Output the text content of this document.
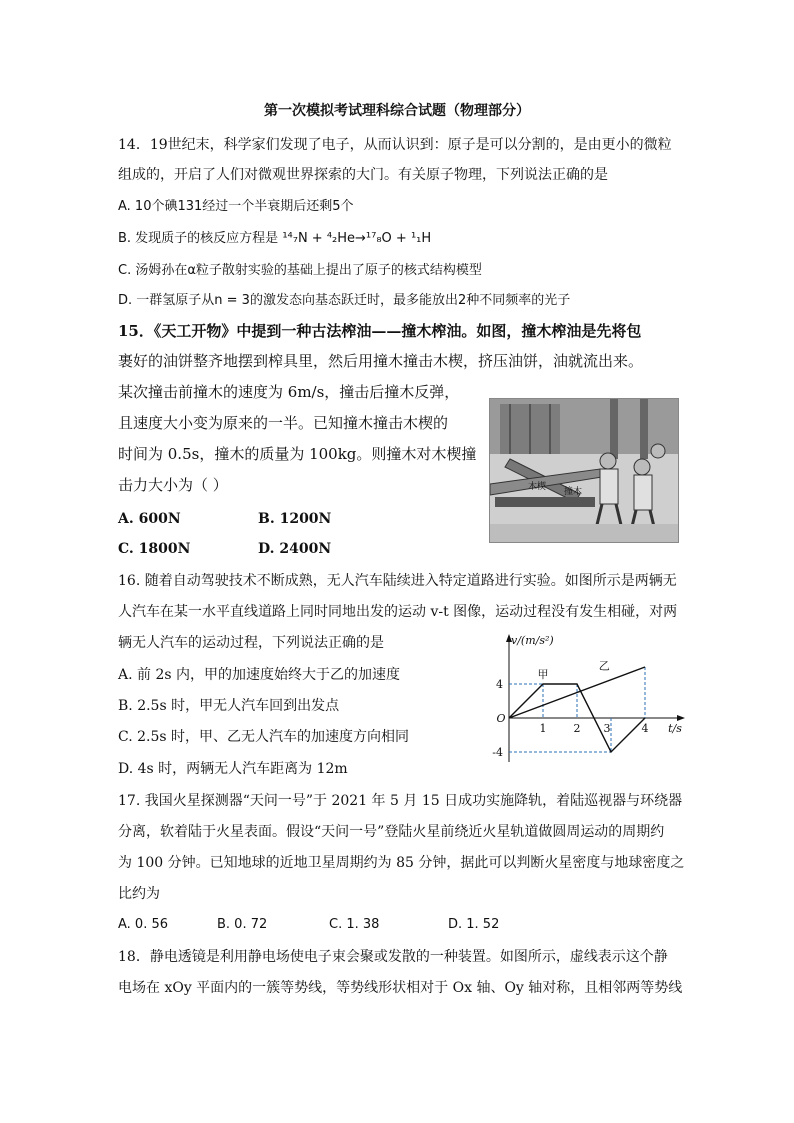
第一次模拟考试理科综合试题（物理部分）
14．19世纪末，科学家们发现了电子，从而认识到：原子是可以分割的，是由更小的微粒
组成的，开启了人们对微观世界探索的大门。有关原子物理，下列说法正确的是
A. 10个碘131经过一个半衰期后还剩5个
B. 发现质子的核反应方程是 ¹⁴₇N + ⁴₂He→¹⁷₈O + ¹₁H
C. 汤姆孙在α粒子散射实验的基础上提出了原子的核式结构模型
D. 一群氢原子从n = 3的激发态向基态跃迁时，最多能放出2种不同频率的光子
15．《天工开物》中提到一种古法榨油——撞木榨油。如图，撞木榨油是先将包
裹好的油饼整齐地摆到榨具里，然后用撞木撞击木楔，挤压油饼，油就流出来。
某次撞击前撞木的速度为 6m/s，撞击后撞木反弹，
且速度大小变为原来的一半。已知撞木撞击木楔的
时间为 0.5s，撞木的质量为 100kg。则撞木对木楔撞
击力大小为（ ）
A. 600N	B. 1200N
C. 1800N	D. 2400N
木楔 撞木
16. 随着自动驾驶技术不断成熟，无人汽车陆续进入特定道路进行实验。如图所示是两辆无
人汽车在某一水平直线道路上同时同地出发的运动 v-t 图像，运动过程没有发生相碰，对两
辆无人汽车的运动过程，下列说法正确的是
A. 前 2s 内，甲的加速度始终大于乙的加速度
B. 2.5s 时，甲无人汽车回到出发点
C. 2.5s 时，甲、乙无人汽车的加速度方向相同
D. 4s 时，两辆无人汽车距离为 12m
v/(m/s²)
t/s
O
1 2 3	4
4
-4
甲
乙
17. 我国火星探测器“天问一号”于 2021 年 5 月 15 日成功实施降轨，着陆巡视器与环绕器
分离，软着陆于火星表面。假设“天问一号”登陆火星前绕近火星轨道做圆周运动的周期约
为 100 分钟。已知地球的近地卫星周期约为 85 分钟，据此可以判断火星密度与地球密度之
比约为
A. 0. 56	B. 0. 72	C. 1. 38	D. 1. 52
18．静电透镜是利用静电场使电子束会聚或发散的一种装置。如图所示，虚线表示这个静
电场在 xOy 平面内的一簇等势线，等势线形状相对于 Ox 轴、Oy 轴对称，且相邻两等势线
